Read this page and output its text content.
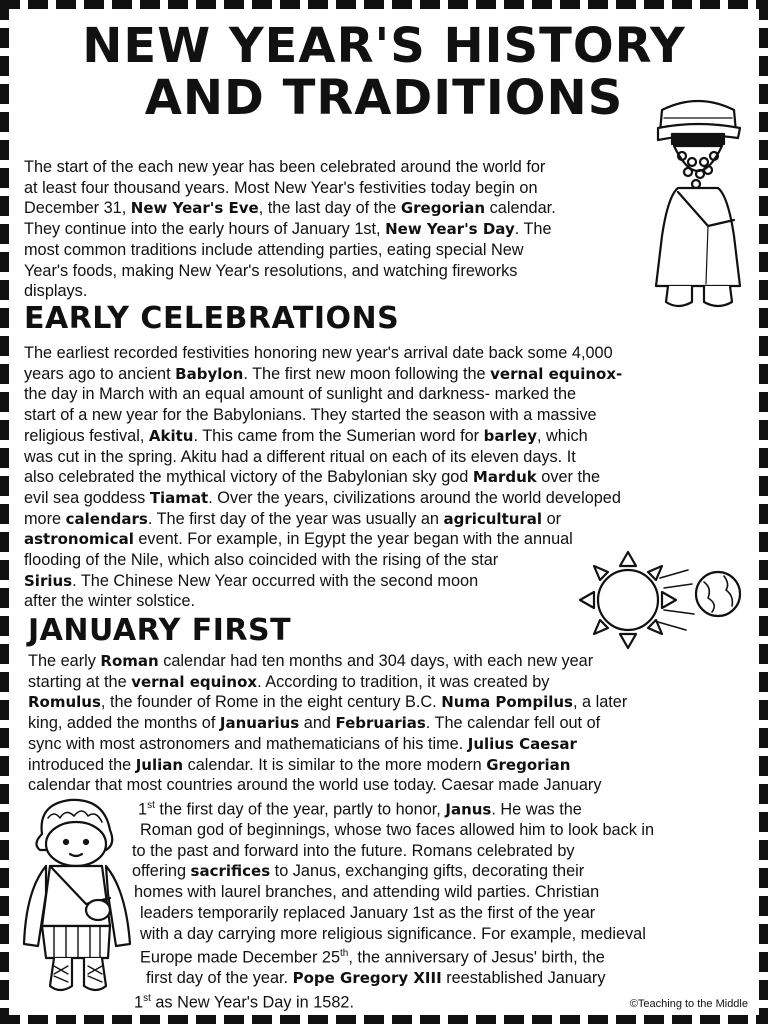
NEW YEAR'S HISTORY
AND TRADITIONS

The start of the each new year has been celebrated around the world for
at least four thousand years. Most New Year's festivities today begin on
December 31, New Year's Eve, the last day of the Gregorian calendar.
They continue into the early hours of January 1st, New Year's Day. The
most common traditions include attending parties, eating special New
Year's foods, making New Year's resolutions, and watching fireworks
displays.

EARLY CELEBRATIONS

The earliest recorded festivities honoring new year's arrival date back some 4,000
years ago to ancient Babylon. The first new moon following the vernal equinox-
the day in March with an equal amount of sunlight and darkness- marked the
start of a new year for the Babylonians. They started the season with a massive
religious festival, Akitu. This came from the Sumerian word for barley, which
was cut in the spring. Akitu had a different ritual on each of its eleven days. It
also celebrated the mythical victory of the Babylonian sky god Marduk over the
evil sea goddess Tiamat. Over the years, civilizations around the world developed
more calendars. The first day of the year was usually an agricultural or
astronomical event. For example, in Egypt the year began with the annual
flooding of the Nile, which also coincided with the rising of the star
Sirius. The Chinese New Year occurred with the second moon
after the winter solstice.

JANUARY FIRST

The early Roman calendar had ten months and 304 days, with each new year
starting at the vernal equinox. According to tradition, it was created by
Romulus, the founder of Rome in the eight century B.C. Numa Pompilus, a later
king, added the months of Januarius and Februarias. The calendar fell out of
sync with most astronomers and mathematicians of his time. Julius Caesar
introduced the Julian calendar. It is similar to the more modern Gregorian
calendar that most countries around the world use today. Caesar made January
1st the first day of the year, partly to honor, Janus. He was the
Roman god of beginnings, whose two faces allowed him to look back in
to the past and forward into the future. Romans celebrated by
offering sacrifices to Janus, exchanging gifts, decorating their
homes with laurel branches, and attending wild parties. Christian
leaders temporarily replaced January 1st as the first of the year
with a day carrying more religious significance. For example, medieval
Europe made December 25th, the anniversary of Jesus' birth, the
first day of the year. Pope Gregory XIII reestablished January
1st as New Year's Day in 1582.	©Teaching to the Middle
